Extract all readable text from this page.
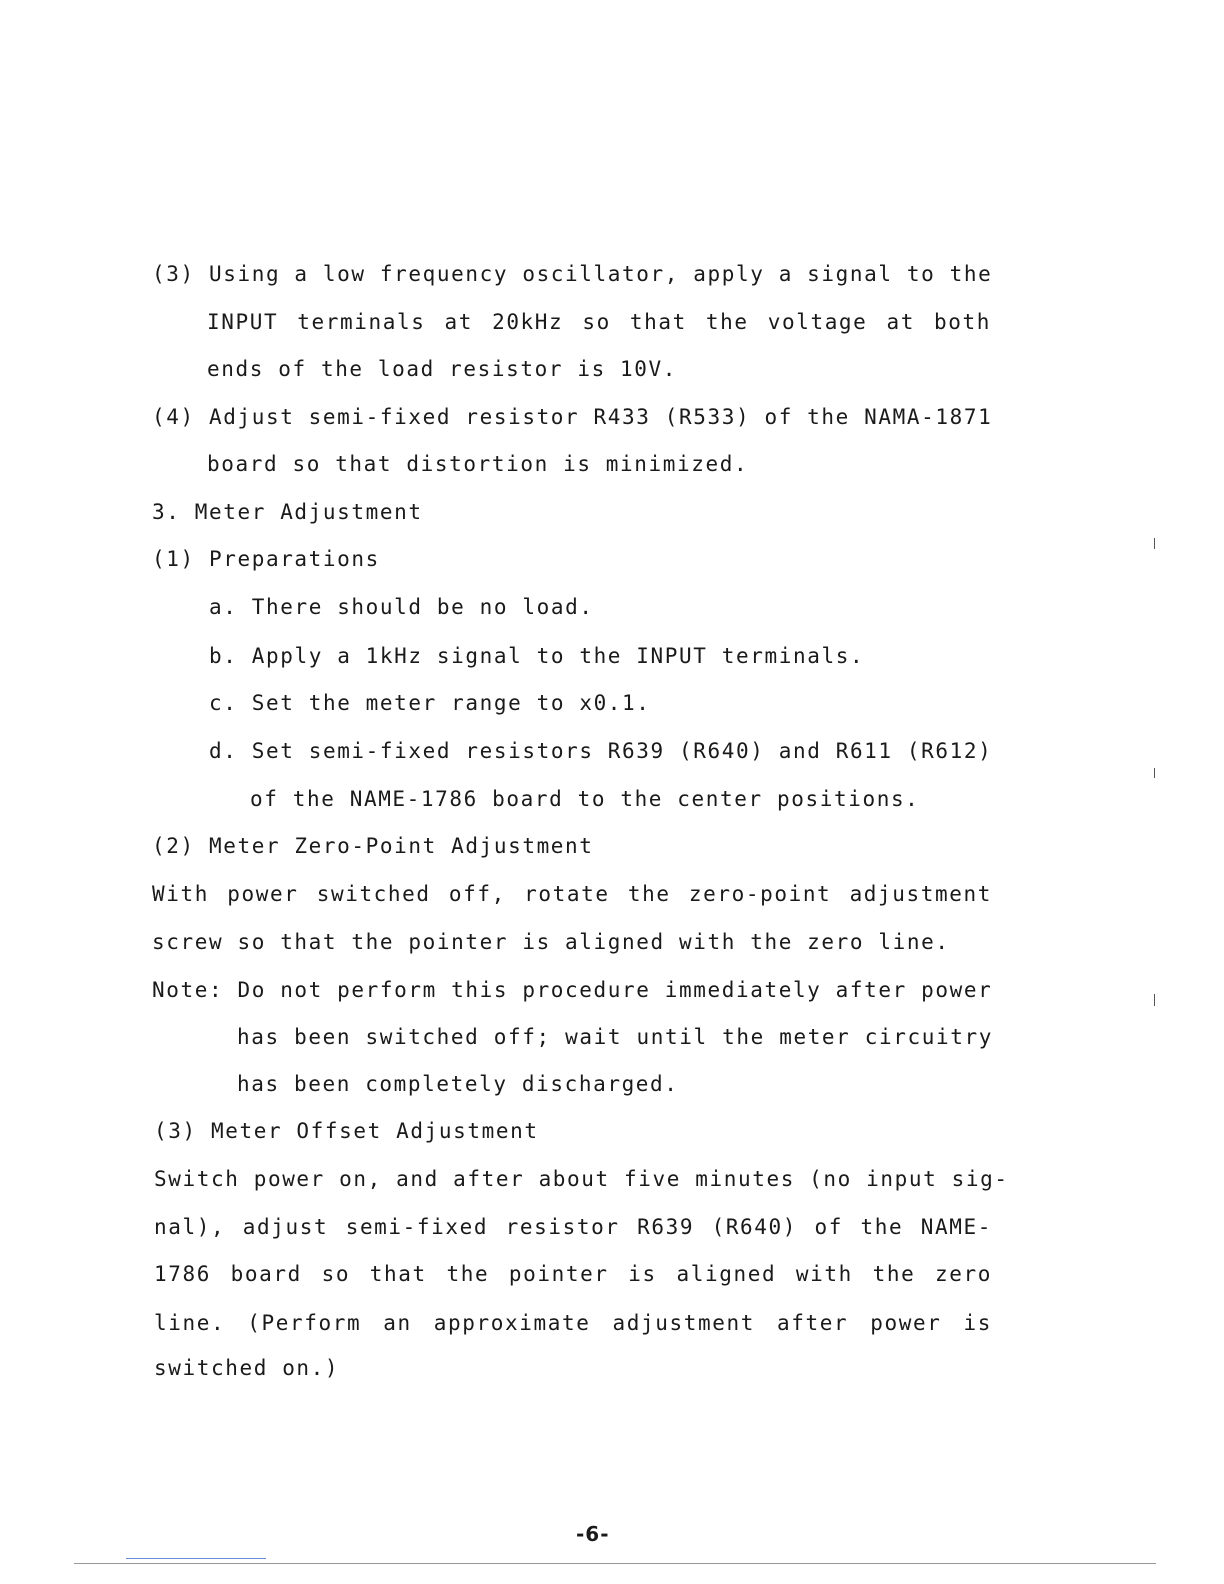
(3) Using a low frequency oscillator, apply a signal to the
INPUT terminals at 20kHz so that the voltage at both
ends of the load resistor is 10V.
(4) Adjust semi-fixed resistor R433 (R533) of the NAMA-1871
board so that distortion is minimized.
3. Meter Adjustment
(1) Preparations
a. There should be no load.
b. Apply a 1kHz signal to the INPUT terminals.
c. Set the meter range to x0.1.
d. Set semi-fixed resistors R639 (R640) and R611 (R612)
of the NAME-1786 board to the center positions.
(2) Meter Zero-Point Adjustment
With power switched off, rotate the zero-point adjustment
screw so that the pointer is aligned with the zero line.
Note: Do not perform this procedure immediately after power
has been switched off; wait until the meter circuitry
has been completely discharged.
(3) Meter Offset Adjustment
Switch power on, and after about five minutes (no input sig-
nal), adjust semi-fixed resistor R639 (R640) of the NAME-
1786 board so that the pointer is aligned with the zero
line. (Perform an approximate adjustment after power is
switched on.)
-6-
